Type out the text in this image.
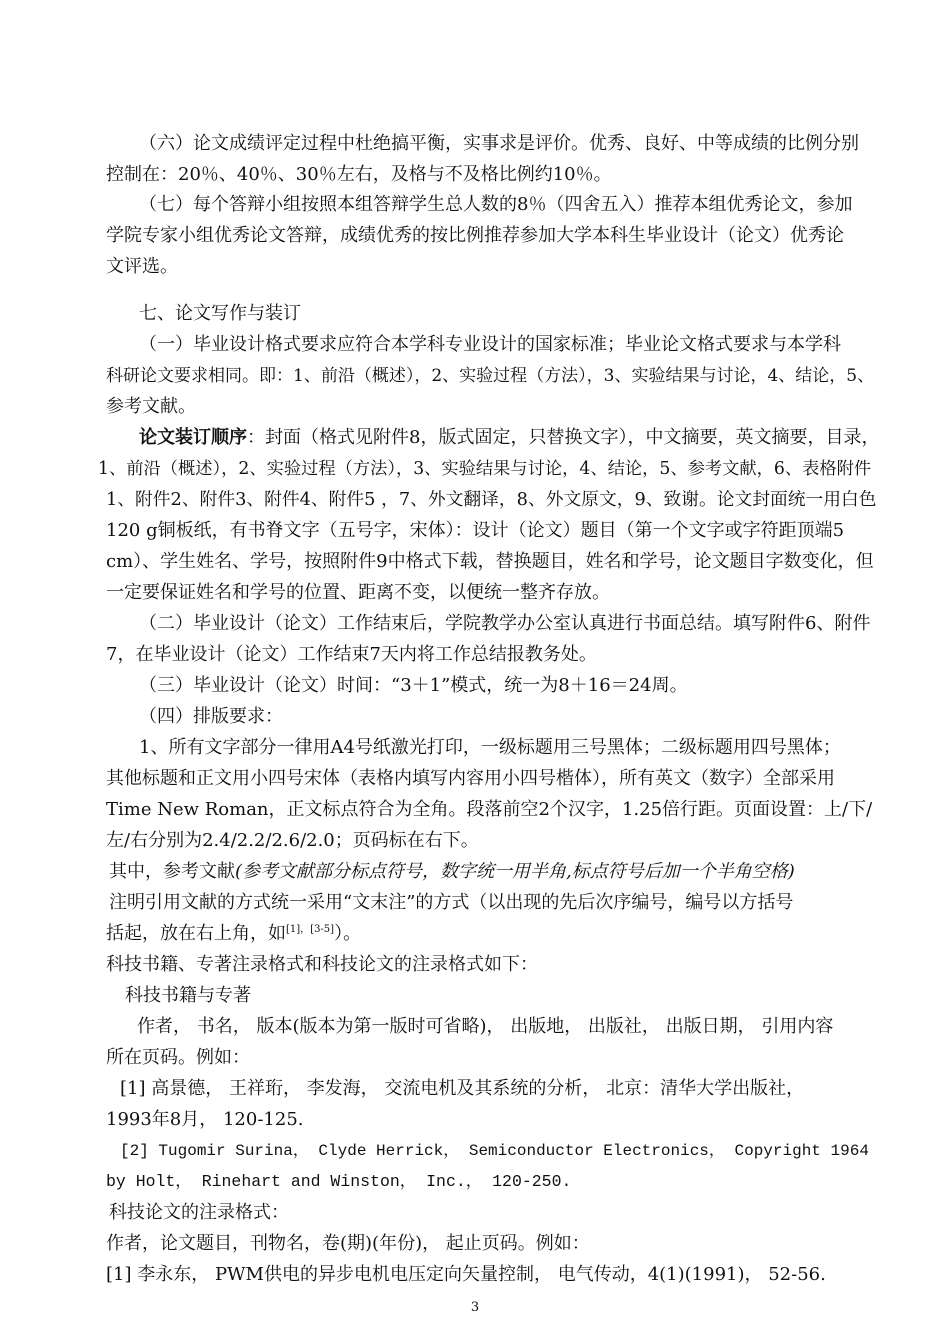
（六）论文成绩评定过程中杜绝搞平衡，实事求是评价。优秀、良好、中等成绩的比例分别
控制在：20％、40％、30％左右，及格与不及格比例约10％。
（七）每个答辩小组按照本组答辩学生总人数的8％（四舍五入）推荐本组优秀论文，参加
学院专家小组优秀论文答辩，成绩优秀的按比例推荐参加大学本科生毕业设计（论文）优秀论
文评选。
七、论文写作与装订
（一）毕业设计格式要求应符合本学科专业设计的国家标准；毕业论文格式要求与本学科
科研论文要求相同。即：1、前沿（概述），2、实验过程（方法），3、实验结果与讨论，4、结论，5、
参考文献。
论文装订顺序：封面（格式见附件8，版式固定，只替换文字），中文摘要，英文摘要，目录，
1、前沿（概述），2、实验过程（方法），3、实验结果与讨论，4、结论，5、参考文献，6、表格附件
1、附件2、附件3、附件4、附件5 ，7、外文翻译，8、外文原文，9、致谢。论文封面统一用白色
120 g铜板纸，有书脊文字（五号字，宋体）：设计（论文）题目（第一个文字或字符距顶端5
cm）、学生姓名、学号，按照附件9中格式下载，替换题目，姓名和学号，论文题目字数变化，但
一定要保证姓名和学号的位置、距离不变，以便统一整齐存放。
（二）毕业设计（论文）工作结束后，学院教学办公室认真进行书面总结。填写附件6、附件
7，在毕业设计（论文）工作结束7天内将工作总结报教务处。
（三）毕业设计（论文）时间：“3＋1”模式，统一为8＋16＝24周。
（四）排版要求：
1、所有文字部分一律用A4号纸激光打印，一级标题用三号黑体；二级标题用四号黑体；
其他标题和正文用小四号宋体（表格内填写内容用小四号楷体），所有英文（数字）全部采用
Time New Roman，正文标点符合为全角。段落前空2个汉字，1.25倍行距。页面设置：上/下/
左/右分别为2.4/2.2/2.6/2.0；页码标在右下。
其中，参考文献(参考文献部分标点符号，数字统一用半角,标点符号后加一个半角空格)
注明引用文献的方式统一采用“文末注”的方式（以出现的先后次序编号，编号以方括号
括起，放在右上角，如[1]，[3-5]）。
科技书籍、专著注录格式和科技论文的注录格式如下：
科技书籍与专著
作者， 书名， 版本(版本为第一版时可省略)， 出版地， 出版社， 出版日期， 引用内容
所在页码。例如：
[1] 高景德， 王祥珩， 李发海， 交流电机及其系统的分析， 北京：清华大学出版社，
1993年8月， 120-125.
[2] Tugomir Surina， Clyde Herrick， Semiconductor Electronics， Copyright 1964
by Holt， Rinehart and Winston， Inc.， 120-250.
科技论文的注录格式：
作者，论文题目，刊物名，卷(期)(年份)， 起止页码。例如：
[1] 李永东， PWM供电的异步电机电压定向矢量控制， 电气传动，4(1)(1991)， 52-56.
3
